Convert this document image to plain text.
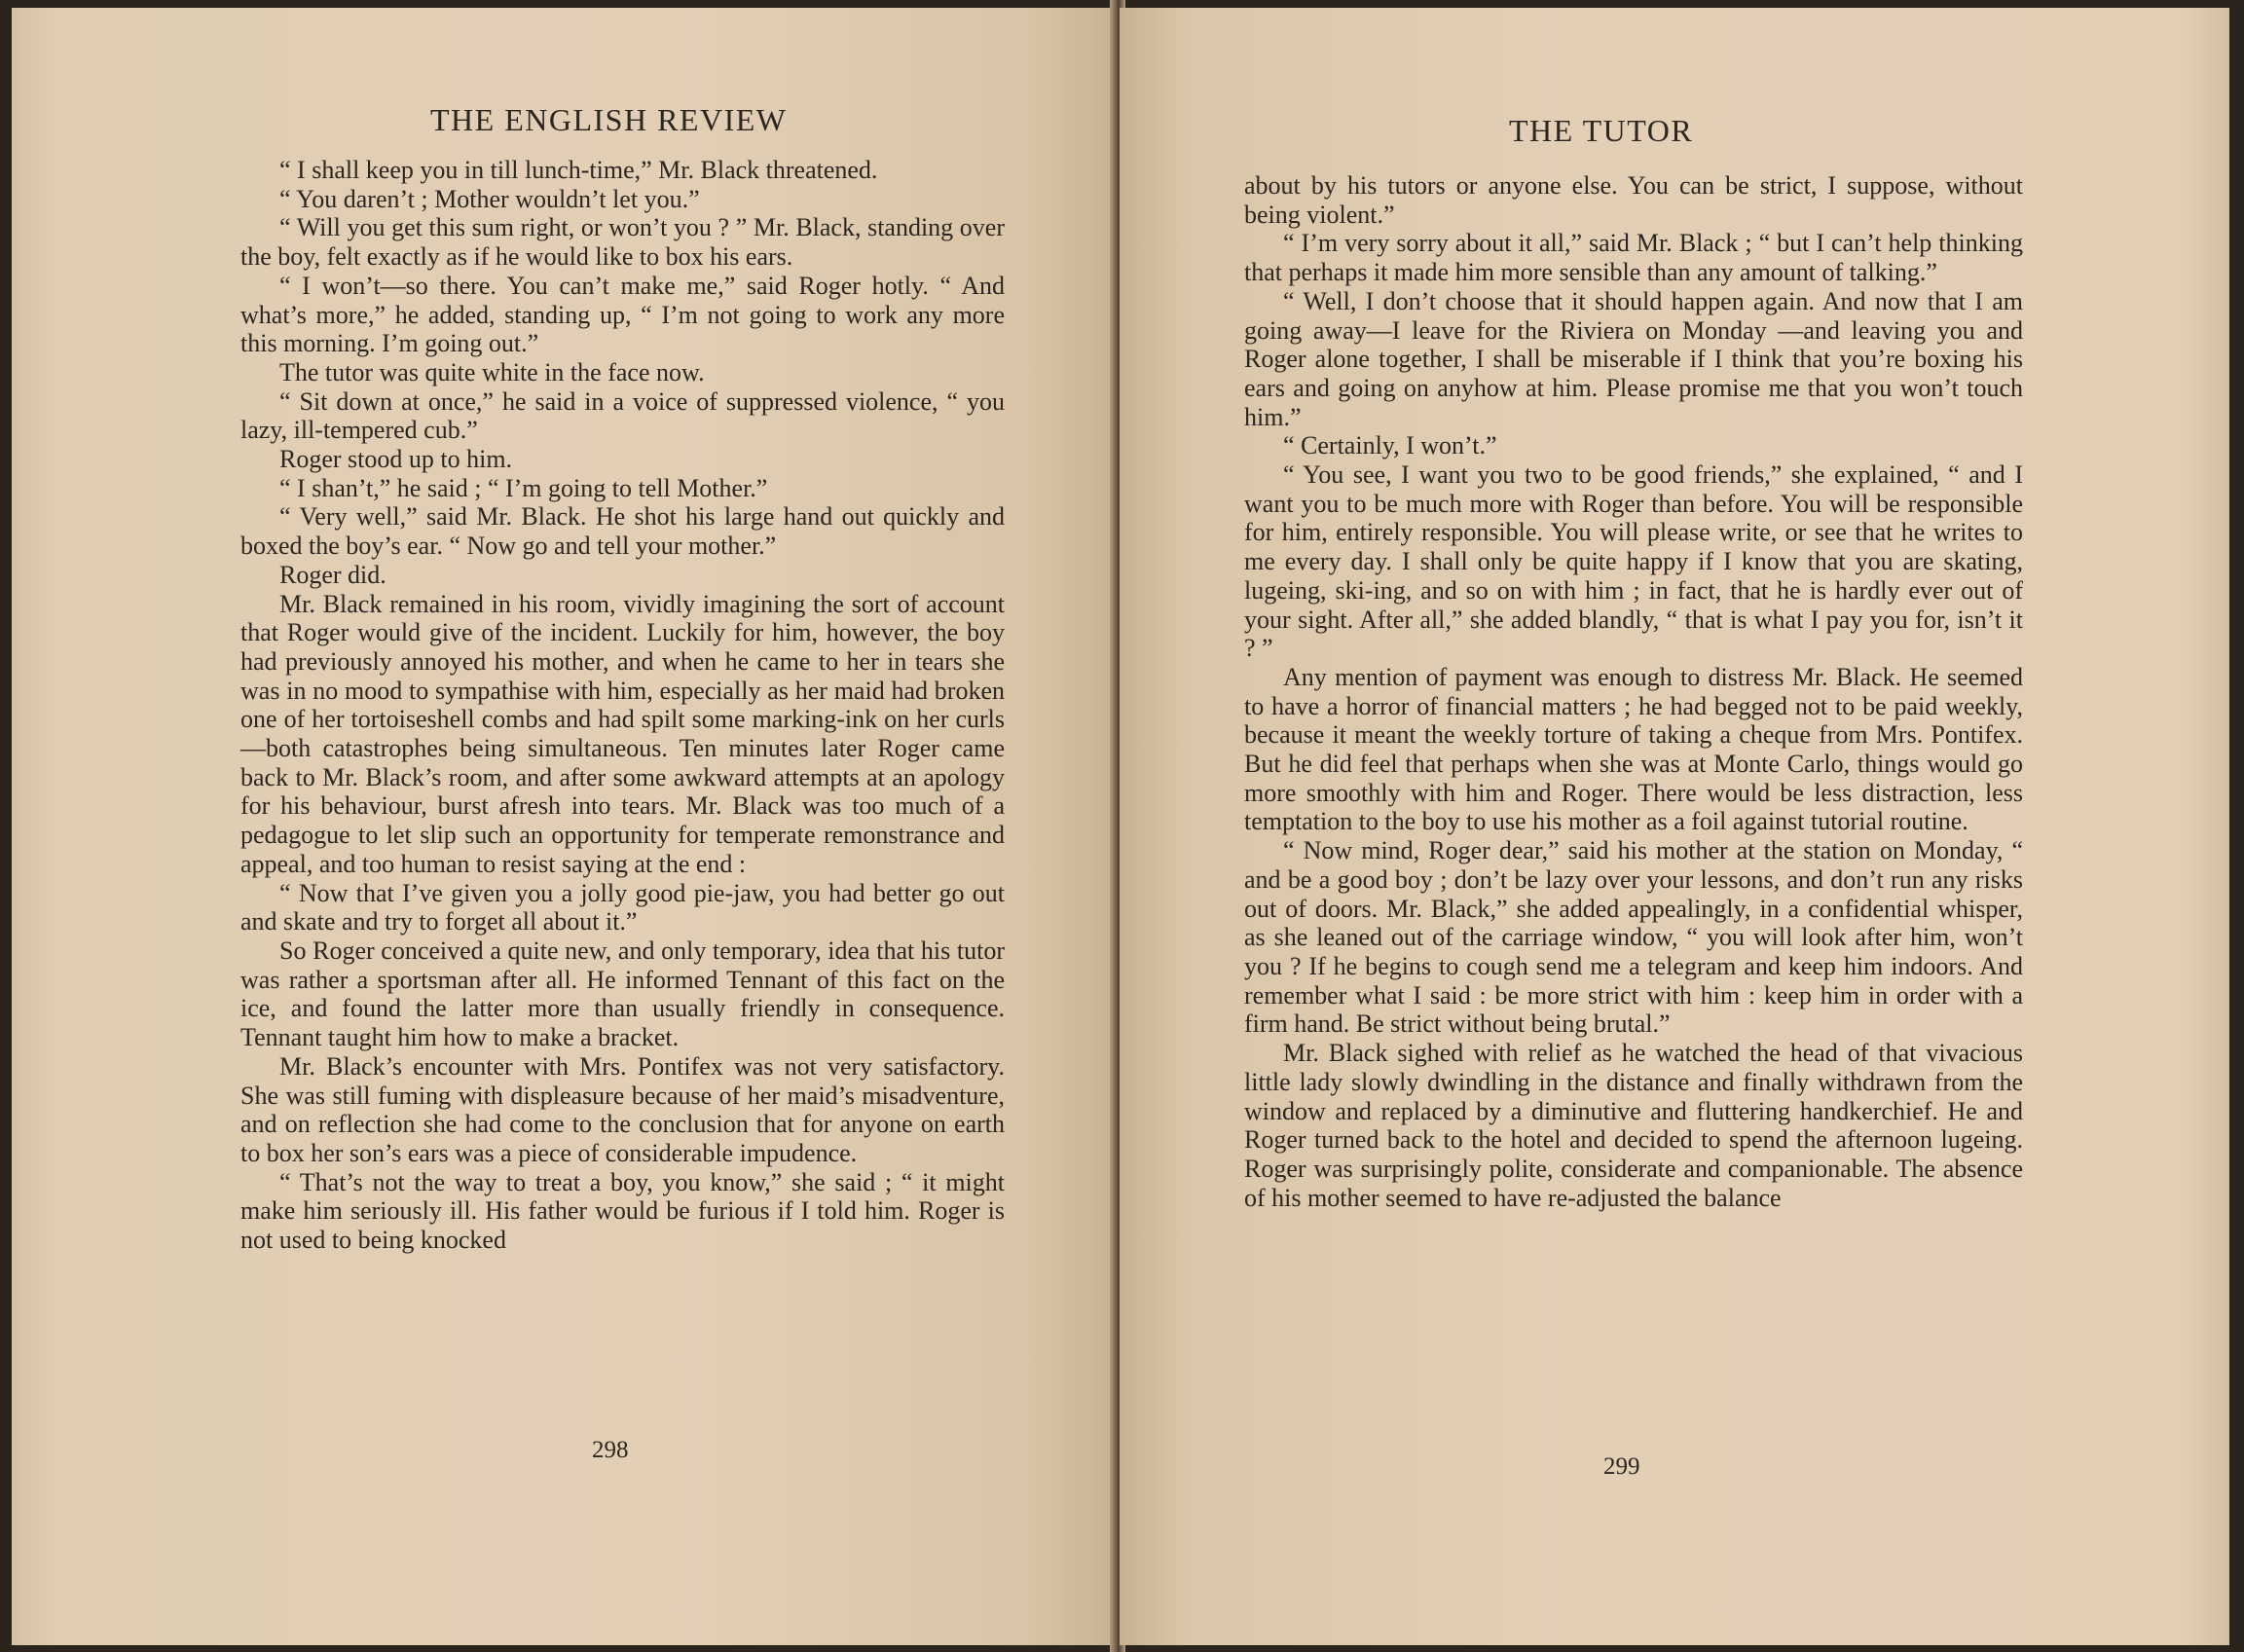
THE ENGLISH REVIEW

“ I shall keep you in till lunch-time,” Mr. Black threatened.

“ You daren’t ; Mother wouldn’t let you.”

“ Will you get this sum right, or won’t you ? ” Mr. Black, standing over the boy, felt exactly as if he would like to box his ears.

“ I won’t—so there. You can’t make me,” said Roger hotly. “ And what’s more,” he added, standing up, “ I’m not going to work any more this morning. I’m going out.”

The tutor was quite white in the face now.

“ Sit down at once,” he said in a voice of suppressed violence, “ you lazy, ill-tempered cub.”

Roger stood up to him.

“ I shan’t,” he said ; “ I’m going to tell Mother.”

“ Very well,” said Mr. Black. He shot his large hand out quickly and boxed the boy’s ear. “ Now go and tell your mother.”

Roger did.

Mr. Black remained in his room, vividly imagining the sort of account that Roger would give of the incident. Luckily for him, however, the boy had previously annoyed his mother, and when he came to her in tears she was in no mood to sympathise with him, especially as her maid had broken one of her tortoiseshell combs and had spilt some marking-ink on her curls—both catastrophes being simultaneous. Ten minutes later Roger came back to Mr. Black’s room, and after some awkward attempts at an apology for his behaviour, burst afresh into tears. Mr. Black was too much of a pedagogue to let slip such an opportunity for temperate remonstrance and appeal, and too human to resist saying at the end :

“ Now that I’ve given you a jolly good pie-jaw, you had better go out and skate and try to forget all about it.”

So Roger conceived a quite new, and only temporary, idea that his tutor was rather a sportsman after all. He informed Tennant of this fact on the ice, and found the latter more than usually friendly in consequence. Tennant taught him how to make a bracket.

Mr. Black’s encounter with Mrs. Pontifex was not very satisfactory. She was still fuming with displeasure because of her maid’s misadventure, and on reflection she had come to the conclusion that for anyone on earth to box her son’s ears was a piece of considerable impudence.

“ That’s not the way to treat a boy, you know,” she said ; “ it might make him seriously ill. His father would be furious if I told him. Roger is not used to being knocked

298
THE TUTOR

about by his tutors or anyone else. You can be strict, I suppose, without being violent.”

“ I’m very sorry about it all,” said Mr. Black ; “ but I can’t help thinking that perhaps it made him more sensible than any amount of talking.”

“ Well, I don’t choose that it should happen again. And now that I am going away—I leave for the Riviera on Monday —and leaving you and Roger alone together, I shall be miserable if I think that you’re boxing his ears and going on anyhow at him. Please promise me that you won’t touch him.”

“ Certainly, I won’t.”

“ You see, I want you two to be good friends,” she explained, “ and I want you to be much more with Roger than before. You will be responsible for him, entirely responsible. You will please write, or see that he writes to me every day. I shall only be quite happy if I know that you are skating, lugeing, ski-ing, and so on with him ; in fact, that he is hardly ever out of your sight. After all,” she added blandly, “ that is what I pay you for, isn’t it ? ”

Any mention of payment was enough to distress Mr. Black. He seemed to have a horror of financial matters ; he had begged not to be paid weekly, because it meant the weekly torture of taking a cheque from Mrs. Pontifex. But he did feel that perhaps when she was at Monte Carlo, things would go more smoothly with him and Roger. There would be less distraction, less temptation to the boy to use his mother as a foil against tutorial routine.

“ Now mind, Roger dear,” said his mother at the station on Monday, “ and be a good boy ; don’t be lazy over your lessons, and don’t run any risks out of doors. Mr. Black,” she added appealingly, in a confidential whisper, as she leaned out of the carriage window, “ you will look after him, won’t you ? If he begins to cough send me a telegram and keep him indoors. And remember what I said : be more strict with him : keep him in order with a firm hand. Be strict without being brutal.”

Mr. Black sighed with relief as he watched the head of that vivacious little lady slowly dwindling in the distance and finally withdrawn from the window and replaced by a diminutive and fluttering handkerchief. He and Roger turned back to the hotel and decided to spend the afternoon lugeing. Roger was surprisingly polite, considerate and companionable. The absence of his mother seemed to have re-adjusted the balance

299
